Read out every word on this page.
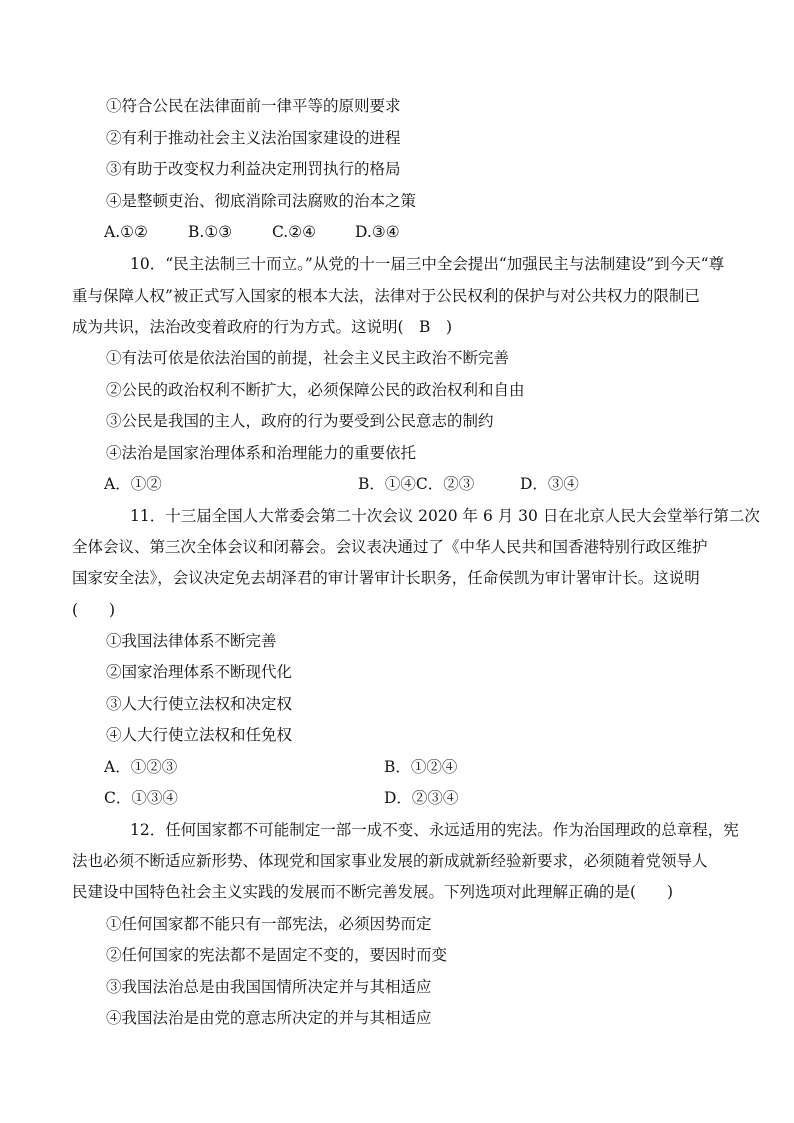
①符合公民在法律面前一律平等的原则要求
②有利于推动社会主义法治国家建设的进程
③有助于改变权力利益决定刑罚执行的格局
④是整顿吏治、彻底消除司法腐败的治本之策
A.①②	B.①③	C.②④	D.③④
10．“民主法制三十而立。”从党的十一届三中全会提出“加强民主与法制建设”到今天“尊
重与保障人权”被正式写入国家的根本大法，法律对于公民权利的保护与对公共权力的限制已
成为共识，法治改变着政府的行为方式。这说明(　B　)
①有法可依是依法治国的前提，社会主义民主政治不断完善
②公民的政治权利不断扩大，必须保障公民的政治权利和自由
③公民是我国的主人，政府的行为要受到公民意志的制约
④法治是国家治理体系和治理能力的重要依托
A．①②	B．①④C．②③	D．③④
11．十三届全国人大常委会第二十次会议 2020 年 6 月 30 日在北京人民大会堂举行第二次
全体会议、第三次全体会议和闭幕会。会议表决通过了《中华人民共和国香港特别行政区维护
国家安全法》，会议决定免去胡泽君的审计署审计长职务，任命侯凯为审计署审计长。这说明
(　　)
①我国法律体系不断完善
②国家治理体系不断现代化
③人大行使立法权和决定权
④人大行使立法权和任免权
A．①②③	B．①②④
C．①③④	D．②③④
12．任何国家都不可能制定一部一成不变、永远适用的宪法。作为治国理政的总章程，宪
法也必须不断适应新形势、体现党和国家事业发展的新成就新经验新要求，必须随着党领导人
民建设中国特色社会主义实践的发展而不断完善发展。下列选项对此理解正确的是(　　)
①任何国家都不能只有一部宪法，必须因势而定
②任何国家的宪法都不是固定不变的，要因时而变
③我国法治总是由我国国情所决定并与其相适应
④我国法治是由党的意志所决定的并与其相适应
